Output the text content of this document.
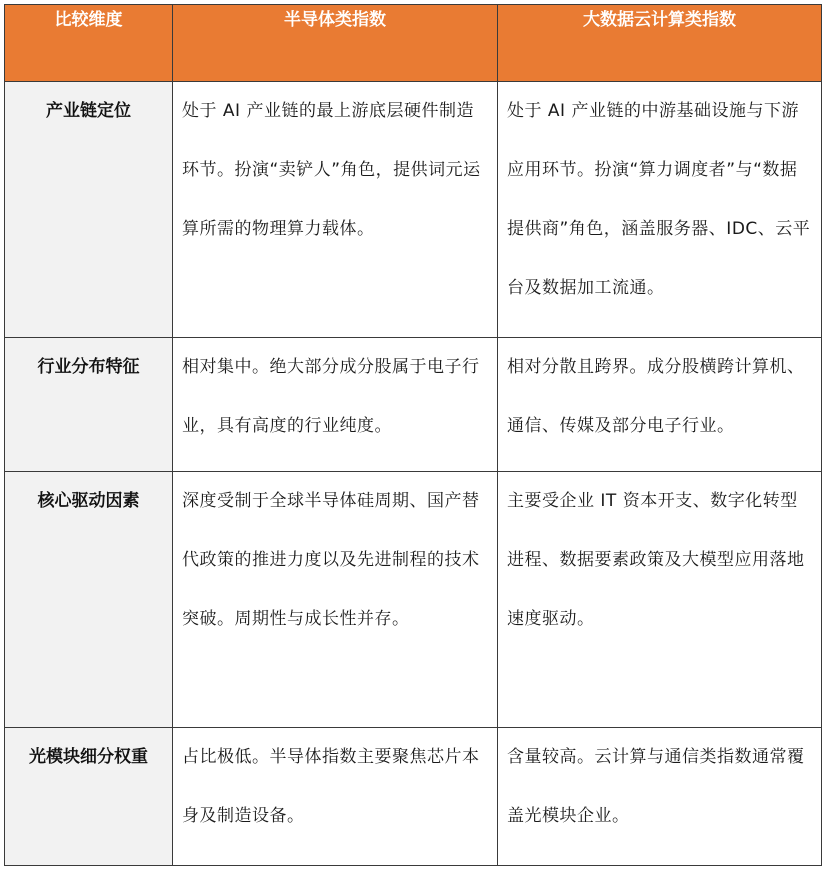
比较维度	半导体类指数	大数据云计算类指数
产业链定位	处于 AI 产业链的最上游底层硬件制造环节。扮演“卖铲人”角色，提供词元运算所需的物理算力载体。	处于 AI 产业链的中游基础设施与下游应用环节。扮演“算力调度者”与“数据提供商”角色，涵盖服务器、IDC、云平台及数据加工流通。
行业分布特征	相对集中。绝大部分成分股属于电子行业，具有高度的行业纯度。	相对分散且跨界。成分股横跨计算机、通信、传媒及部分电子行业。
核心驱动因素	深度受制于全球半导体硅周期、国产替代政策的推进力度以及先进制程的技术突破。周期性与成长性并存。	主要受企业 IT 资本开支、数字化转型进程、数据要素政策及大模型应用落地速度驱动。
光模块细分权重	占比极低。半导体指数主要聚焦芯片本身及制造设备。	含量较高。云计算与通信类指数通常覆盖光模块企业。
